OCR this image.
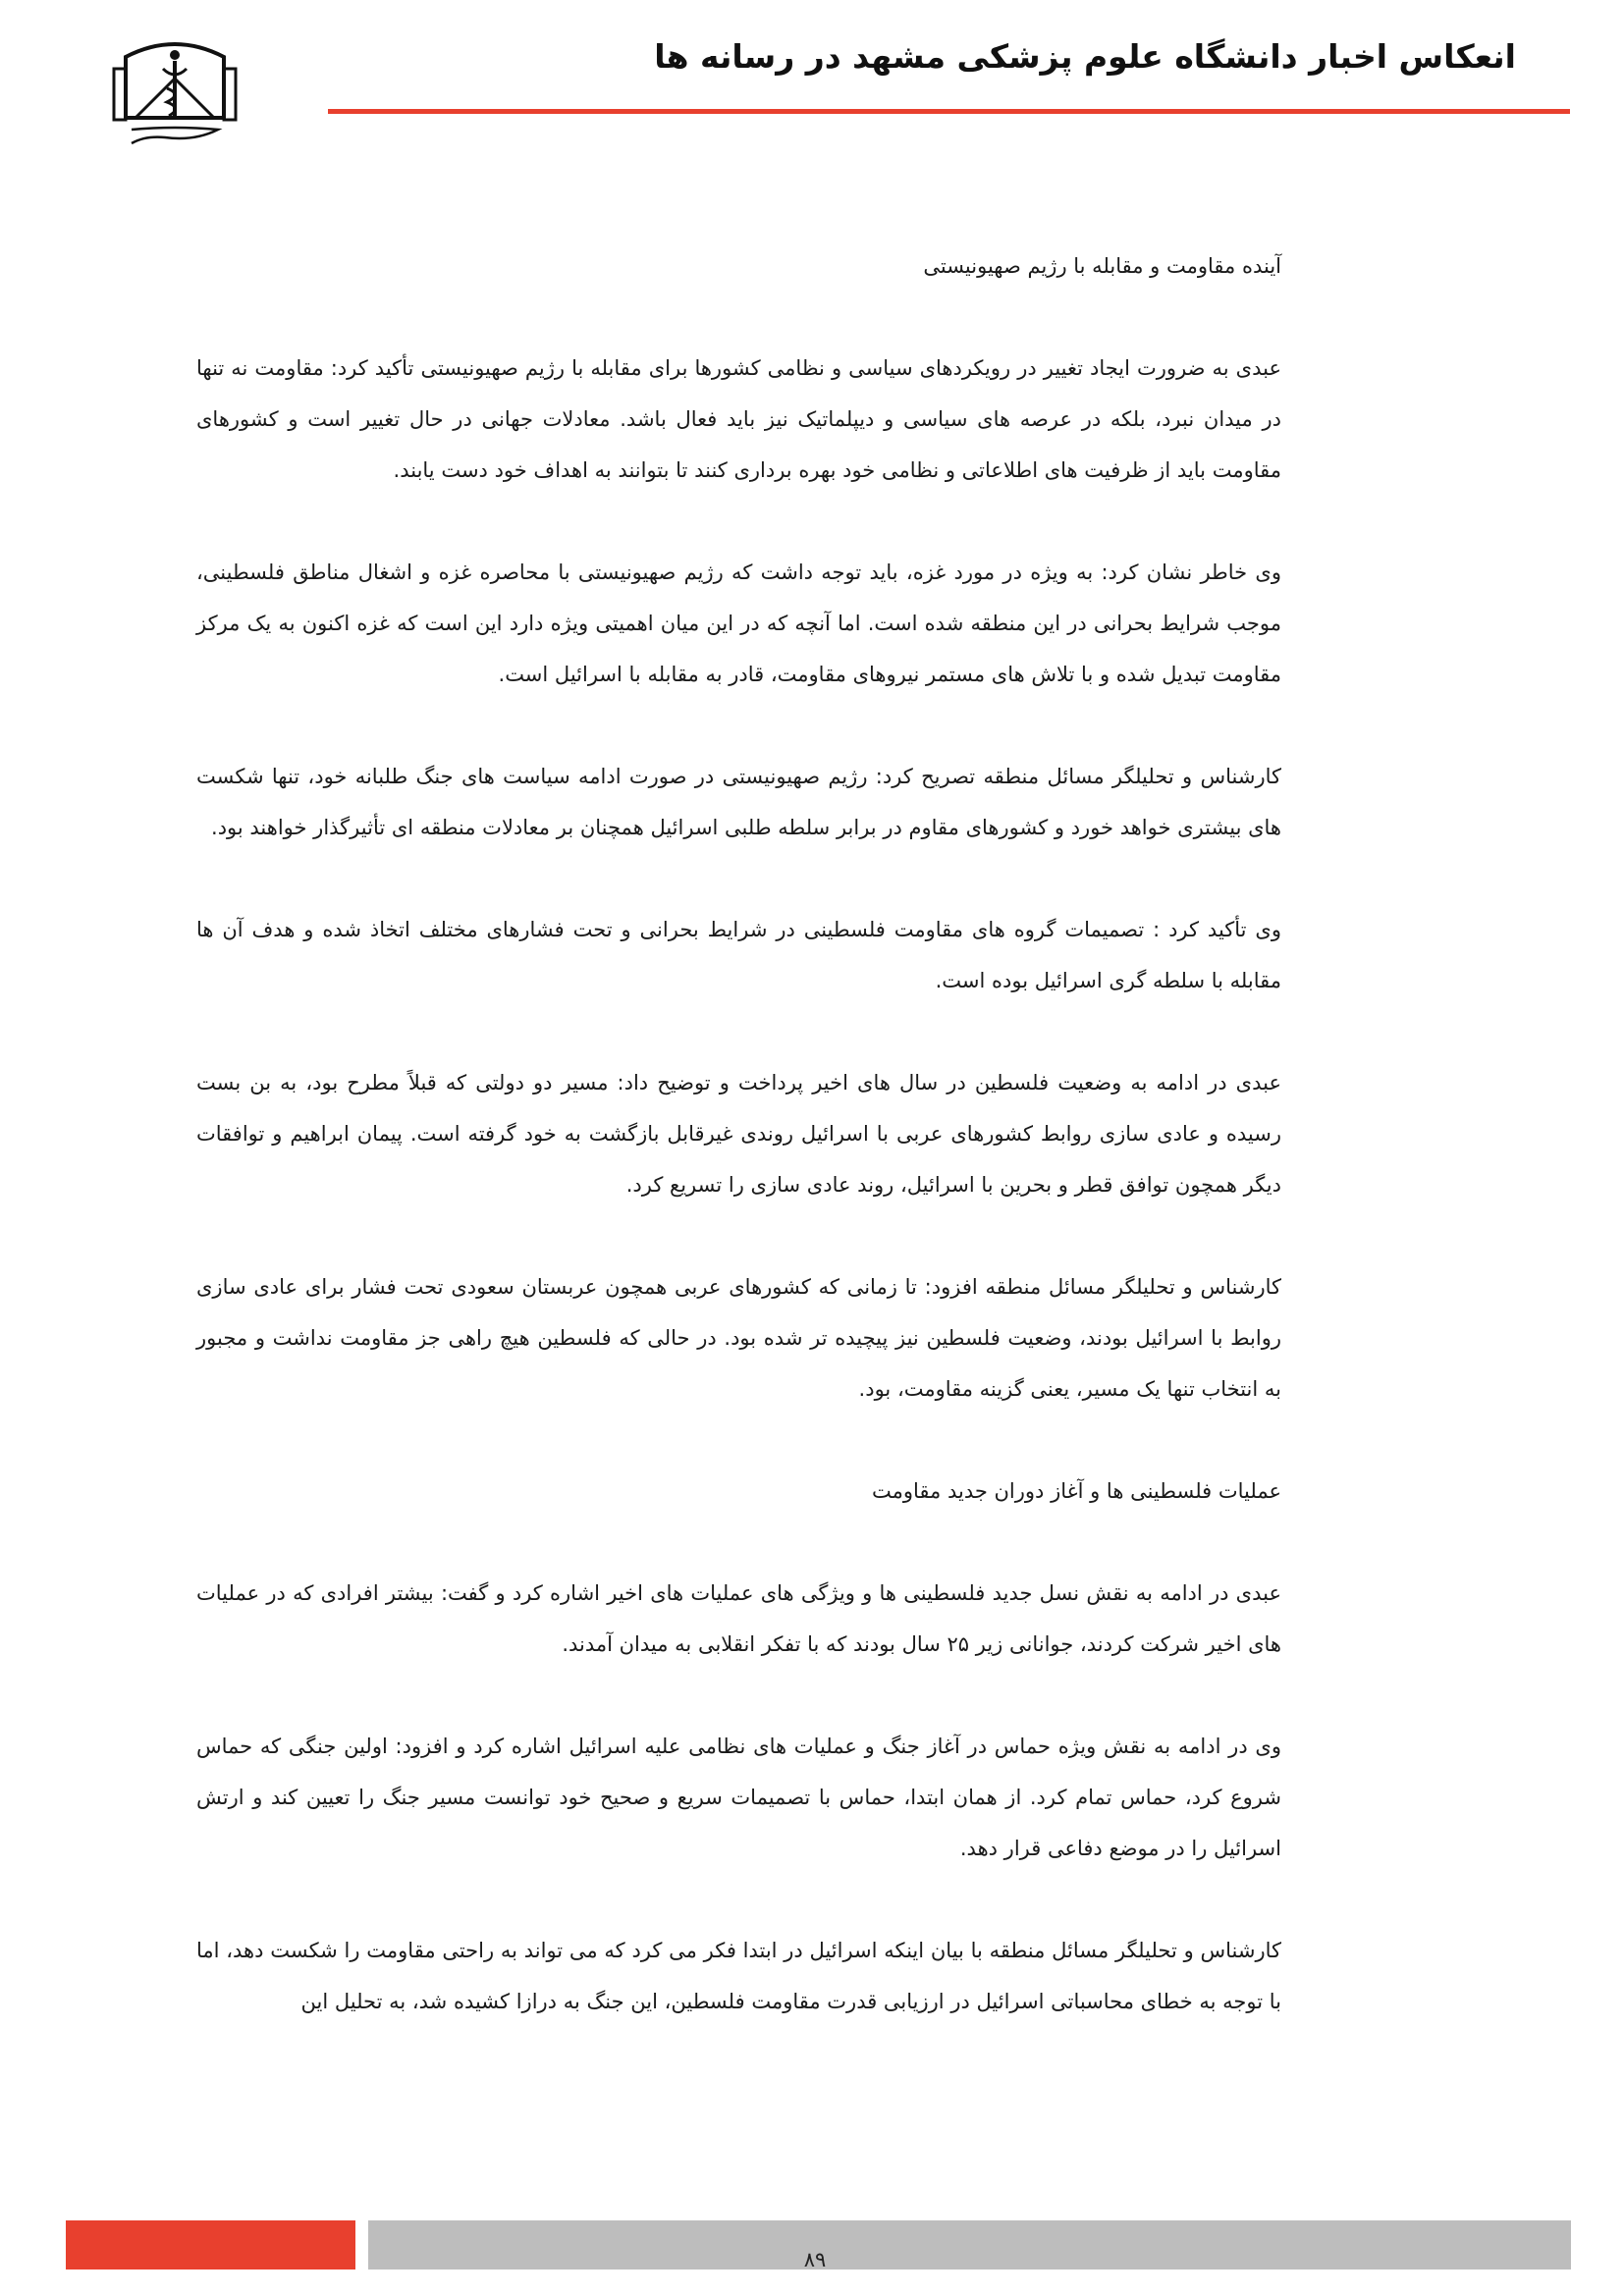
انعکاس اخبار دانشگاه علوم پزشکی مشهد در رسانه ها
آینده مقاومت و مقابله با رژیم صهیونیستی
عبدی به ضرورت ایجاد تغییر در رویکردهای سیاسی و نظامی کشورها برای مقابله با رژیم صهیونیستی تأکید کرد: مقاومت نه تنها در میدان نبرد، بلکه در عرصه های سیاسی و دیپلماتیک نیز باید فعال باشد. معادلات جهانی در حال تغییر است و کشورهای مقاومت باید از ظرفیت های اطلاعاتی و نظامی خود بهره برداری کنند تا بتوانند به اهداف خود دست یابند.
وی خاطر نشان کرد: به ویژه در مورد غزه، باید توجه داشت که رژیم صهیونیستی با محاصره غزه و اشغال مناطق فلسطینی، موجب شرایط بحرانی در این منطقه شده است. اما آنچه که در این میان اهمیتی ویژه دارد این است که غزه اکنون به یک مرکز مقاومت تبدیل شده و با تلاش های مستمر نیروهای مقاومت، قادر به مقابله با اسرائیل است.
کارشناس و تحلیلگر مسائل منطقه تصریح کرد: رژیم صهیونیستی در صورت ادامه سیاست های جنگ طلبانه خود، تنها شکست های بیشتری خواهد خورد و کشورهای مقاوم در برابر سلطه طلبی اسرائیل همچنان بر معادلات منطقه ای تأثیرگذار خواهند بود.
وی تأکید کرد : تصمیمات گروه های مقاومت فلسطینی در شرایط بحرانی و تحت فشارهای مختلف اتخاذ شده و هدف آن ها مقابله با سلطه گری اسرائیل بوده است.
عبدی در ادامه به وضعیت فلسطین در سال های اخیر پرداخت و توضیح داد: مسیر دو دولتی که قبلاً مطرح بود، به بن بست رسیده و عادی سازی روابط کشورهای عربی با اسرائیل روندی غیرقابل بازگشت به خود گرفته است. پیمان ابراهیم و توافقات دیگر همچون توافق قطر و بحرین با اسرائیل، روند عادی سازی را تسریع کرد.
کارشناس و تحلیلگر مسائل منطقه افزود: تا زمانی که کشورهای عربی همچون عربستان سعودی تحت فشار برای عادی سازی روابط با اسرائیل بودند، وضعیت فلسطین نیز پیچیده تر شده بود. در حالی که فلسطین هیچ راهی جز مقاومت نداشت و مجبور به انتخاب تنها یک مسیر، یعنی گزینه مقاومت، بود.
عملیات فلسطینی ها و آغاز دوران جدید مقاومت
عبدی در ادامه به نقش نسل جدید فلسطینی ها و ویژگی های عملیات های اخیر اشاره کرد و گفت: بیشتر افرادی که در عملیات های اخیر شرکت کردند، جوانانی زیر ۲۵ سال بودند که با تفکر انقلابی به میدان آمدند.
وی در ادامه به نقش ویژه حماس در آغاز جنگ و عملیات های نظامی علیه اسرائیل اشاره کرد و افزود: اولین جنگی که حماس شروع کرد، حماس تمام کرد. از همان ابتدا، حماس با تصمیمات سریع و صحیح خود توانست مسیر جنگ را تعیین کند و ارتش اسرائیل را در موضع دفاعی قرار دهد.
کارشناس و تحلیلگر مسائل منطقه با بیان اینکه اسرائیل در ابتدا فکر می کرد که می تواند به راحتی مقاومت را شکست دهد، اما با توجه به خطای محاسباتی اسرائیل در ارزیابی قدرت مقاومت فلسطین، این جنگ به درازا کشیده شد، به تحلیل این
۸۹
